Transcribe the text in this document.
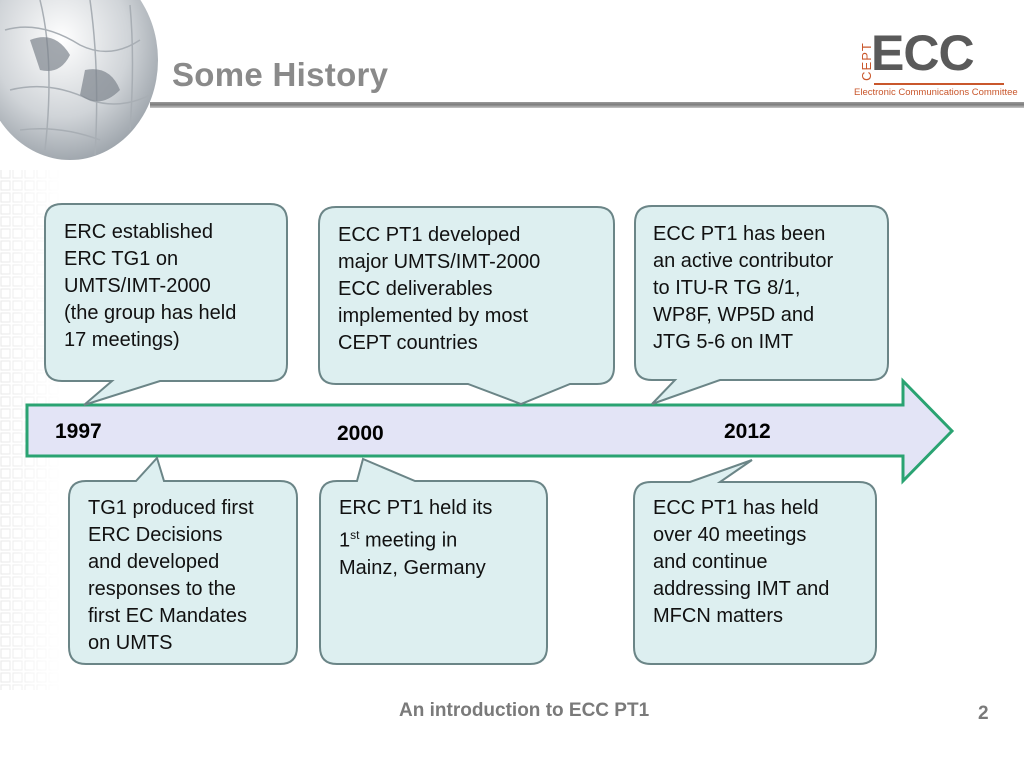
Some History	CEPT
ECC
Electronic Communications Committee
1997	2000	2012
ERC established
ERC TG1 on
UMTS/IMT-2000
(the group has held
17 meetings)
ECC PT1 developed
major UMTS/IMT-2000
ECC deliverables
implemented by most
CEPT countries
ECC PT1 has been
an active contributor
to ITU-R TG 8/1,
WP8F, WP5D and
JTG 5-6 on IMT
TG1 produced first
ERC Decisions
and developed
responses to the
first EC Mandates
on UMTS
ERC PT1 held its
1st meeting in
Mainz, Germany
ECC PT1 has held
over 40 meetings
and continue
addressing IMT and
MFCN matters
An introduction to ECC PT1	2
